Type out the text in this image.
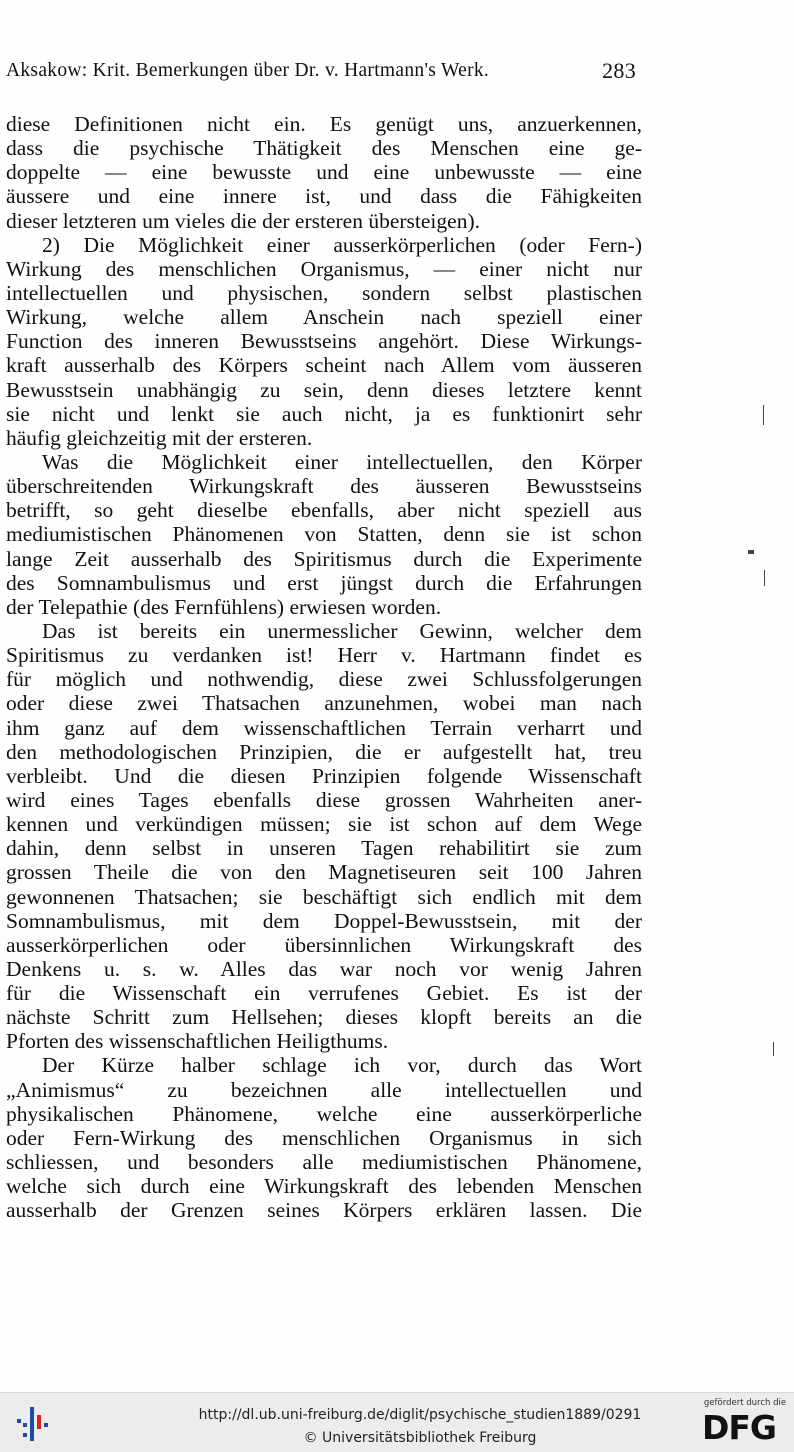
Aksakow: Krit. Bemerkungen über Dr. v. Hartmann's Werk.	283
diese Definitionen nicht ein. Es genügt uns, anzuerkennen,
dass die psychische Thätigkeit des Menschen eine ge-
doppelte — eine bewusste und eine unbewusste — eine
äussere und eine innere ist, und dass die Fähigkeiten
dieser letzteren um vieles die der ersteren übersteigen).
2) Die Möglichkeit einer ausserkörperlichen (oder Fern-)
Wirkung des menschlichen Organismus, — einer nicht nur
intellectuellen und physischen, sondern selbst plastischen
Wirkung, welche allem Anschein nach speziell einer
Function des inneren Bewusstseins angehört. Diese Wirkungs-
kraft ausserhalb des Körpers scheint nach Allem vom äusseren
Bewusstsein unabhängig zu sein, denn dieses letztere kennt
sie nicht und lenkt sie auch nicht, ja es funktionirt sehr
häufig gleichzeitig mit der ersteren.
Was die Möglichkeit einer intellectuellen, den Körper
überschreitenden Wirkungskraft des äusseren Bewusstseins
betrifft, so geht dieselbe ebenfalls, aber nicht speziell aus
mediumistischen Phänomenen von Statten, denn sie ist schon
lange Zeit ausserhalb des Spiritismus durch die Experimente
des Somnambulismus und erst jüngst durch die Erfahrungen
der Telepathie (des Fernfühlens) erwiesen worden.
Das ist bereits ein unermesslicher Gewinn, welcher dem
Spiritismus zu verdanken ist! Herr v. Hartmann findet es
für möglich und nothwendig, diese zwei Schlussfolgerungen
oder diese zwei Thatsachen anzunehmen, wobei man nach
ihm ganz auf dem wissenschaftlichen Terrain verharrt und
den methodologischen Prinzipien, die er aufgestellt hat, treu
verbleibt. Und die diesen Prinzipien folgende Wissenschaft
wird eines Tages ebenfalls diese grossen Wahrheiten aner-
kennen und verkündigen müssen; sie ist schon auf dem Wege
dahin, denn selbst in unseren Tagen rehabilitirt sie zum
grossen Theile die von den Magnetiseuren seit 100 Jahren
gewonnenen Thatsachen; sie beschäftigt sich endlich mit dem
Somnambulismus, mit dem Doppel-Bewusstsein, mit der
ausserkörperlichen oder übersinnlichen Wirkungskraft des
Denkens u. s. w. Alles das war noch vor wenig Jahren
für die Wissenschaft ein verrufenes Gebiet. Es ist der
nächste Schritt zum Hellsehen; dieses klopft bereits an die
Pforten des wissenschaftlichen Heiligthums.
Der Kürze halber schlage ich vor, durch das Wort
„Animismus“ zu bezeichnen alle intellectuellen und
physikalischen Phänomene, welche eine ausserkörperliche
oder Fern-Wirkung des menschlichen Organismus in sich
schliessen, und besonders alle mediumistischen Phänomene,
welche sich durch eine Wirkungskraft des lebenden Menschen
ausserhalb der Grenzen seines Körpers erklären lassen. Die
http://dl.ub.uni-freiburg.de/diglit/psychische_studien1889/0291
© Universitätsbibliothek Freiburg
gefördert durch die
DFG
